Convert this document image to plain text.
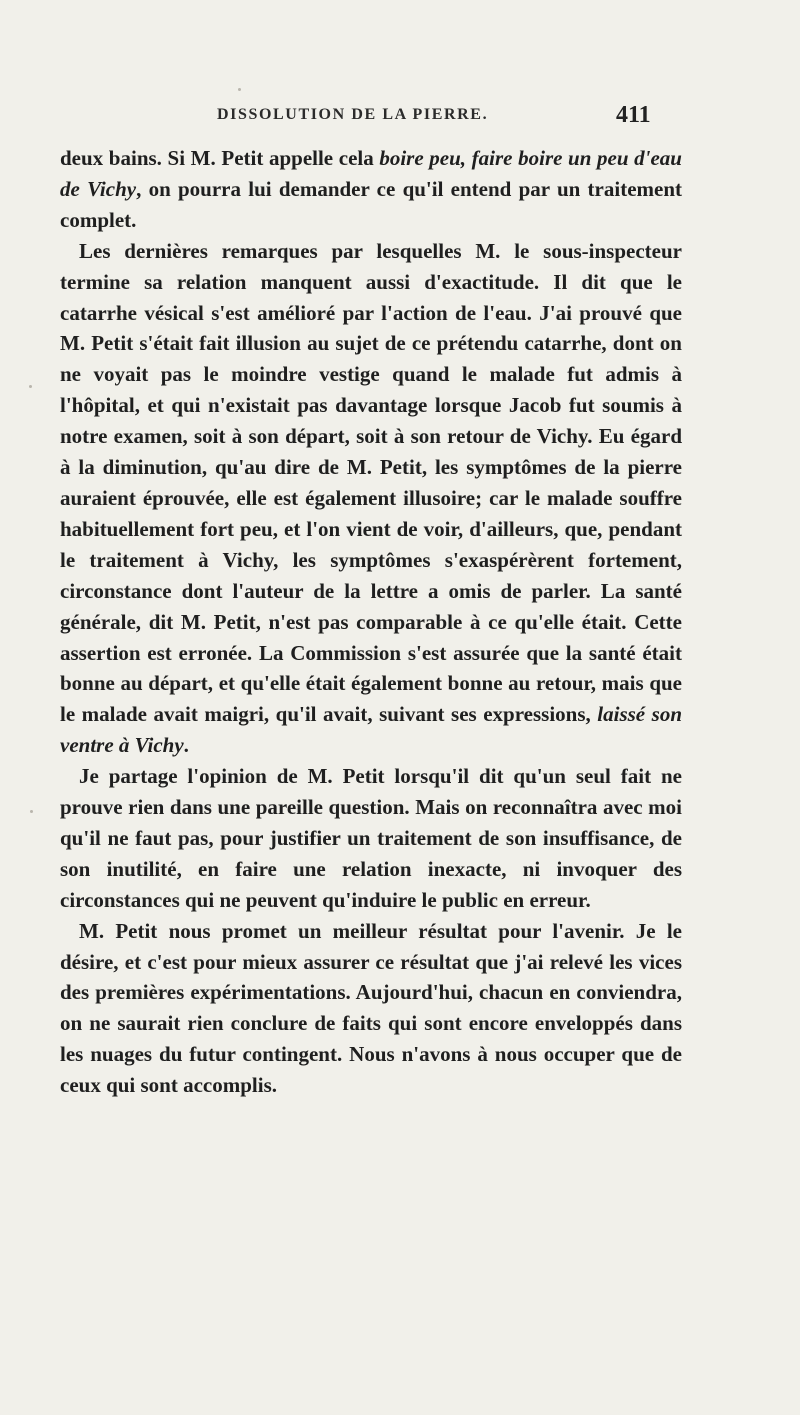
DISSOLUTION DE LA PIERRE.	411

deux bains. Si M. Petit appelle cela boire peu, faire boire un peu d'eau de Vichy, on pourra lui demander ce qu'il entend par un traitement complet.

Les dernières remarques par lesquelles M. le sous-inspecteur termine sa relation manquent aussi d'exactitude. Il dit que le catarrhe vésical s'est amélioré par l'action de l'eau. J'ai prouvé que M. Petit s'était fait illusion au sujet de ce prétendu catarrhe, dont on ne voyait pas le moindre vestige quand le malade fut admis à l'hôpital, et qui n'existait pas davantage lorsque Jacob fut soumis à notre examen, soit à son départ, soit à son retour de Vichy. Eu égard à la diminution, qu'au dire de M. Petit, les symptômes de la pierre auraient éprouvée, elle est également illusoire; car le malade souffre habituellement fort peu, et l'on vient de voir, d'ailleurs, que, pendant le traitement à Vichy, les symptômes s'exaspérèrent fortement, circonstance dont l'auteur de la lettre a omis de parler. La santé générale, dit M. Petit, n'est pas comparable à ce qu'elle était. Cette assertion est erronée. La Commission s'est assurée que la santé était bonne au départ, et qu'elle était également bonne au retour, mais que le malade avait maigri, qu'il avait, suivant ses expressions, laissé son ventre à Vichy.

Je partage l'opinion de M. Petit lorsqu'il dit qu'un seul fait ne prouve rien dans une pareille question. Mais on reconnaîtra avec moi qu'il ne faut pas, pour justifier un traitement de son insuffisance, de son inutilité, en faire une relation inexacte, ni invoquer des circonstances qui ne peuvent qu'induire le public en erreur.

M. Petit nous promet un meilleur résultat pour l'avenir. Je le désire, et c'est pour mieux assurer ce résultat que j'ai relevé les vices des premières expérimentations. Aujourd'hui, chacun en conviendra, on ne saurait rien conclure de faits qui sont encore enveloppés dans les nuages du futur contingent. Nous n'avons à nous occuper que de ceux qui sont accomplis.
